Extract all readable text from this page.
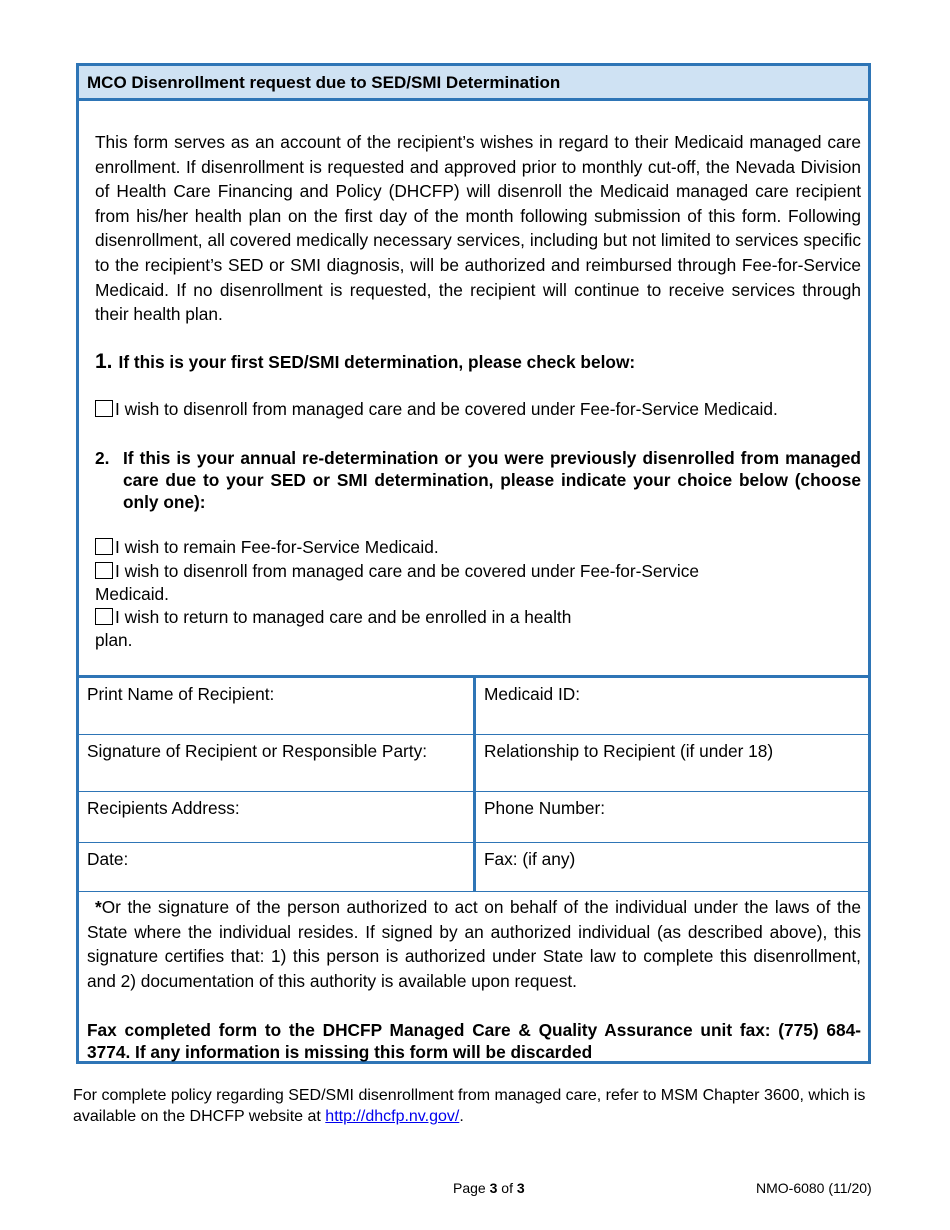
MCO Disenrollment request due to SED/SMI Determination
This form serves as an account of the recipient’s wishes in regard to their Medicaid managed care enrollment. If disenrollment is requested and approved prior to monthly cut-off, the Nevada Division of Health Care Financing and Policy (DHCFP) will disenroll the Medicaid managed care recipient from his/her health plan on the first day of the month following submission of this form. Following disenrollment, all covered medically necessary services, including but not limited to services specific to the recipient’s SED or SMI diagnosis, will be authorized and reimbursed through Fee-for-Service Medicaid. If no disenrollment is requested, the recipient will continue to receive services through their health plan.
1. If this is your first SED/SMI determination, please check below:
I wish to disenroll from managed care and be covered under Fee-for-Service Medicaid.
2. If this is your annual re-determination or you were previously disenrolled from managed care due to your SED or SMI determination, please indicate your choice below (choose only one):
I wish to remain Fee-for-Service Medicaid.
I wish to disenroll from managed care and be covered under Fee-for-Service
Medicaid.
I wish to return to managed care and be enrolled in a health
plan.
Print Name of Recipient:	Medicaid ID:
Signature of Recipient or Responsible Party:	Relationship to Recipient (if under 18)
Recipients Address:	Phone Number:
Date:	Fax: (if any)
*Or the signature of the person authorized to act on behalf of the individual under the laws of the State where the individual resides. If signed by an authorized individual (as described above), this signature certifies that: 1) this person is authorized under State law to complete this disenrollment, and 2) documentation of this authority is available upon request.
Fax completed form to the DHCFP Managed Care & Quality Assurance unit fax: (775) 684-3774. If any information is missing this form will be discarded
For complete policy regarding SED/SMI disenrollment from managed care, refer to MSM Chapter 3600, which is available on the DHCFP website at http://dhcfp.nv.gov/.
Page 3 of 3	NMO-6080 (11/20)
